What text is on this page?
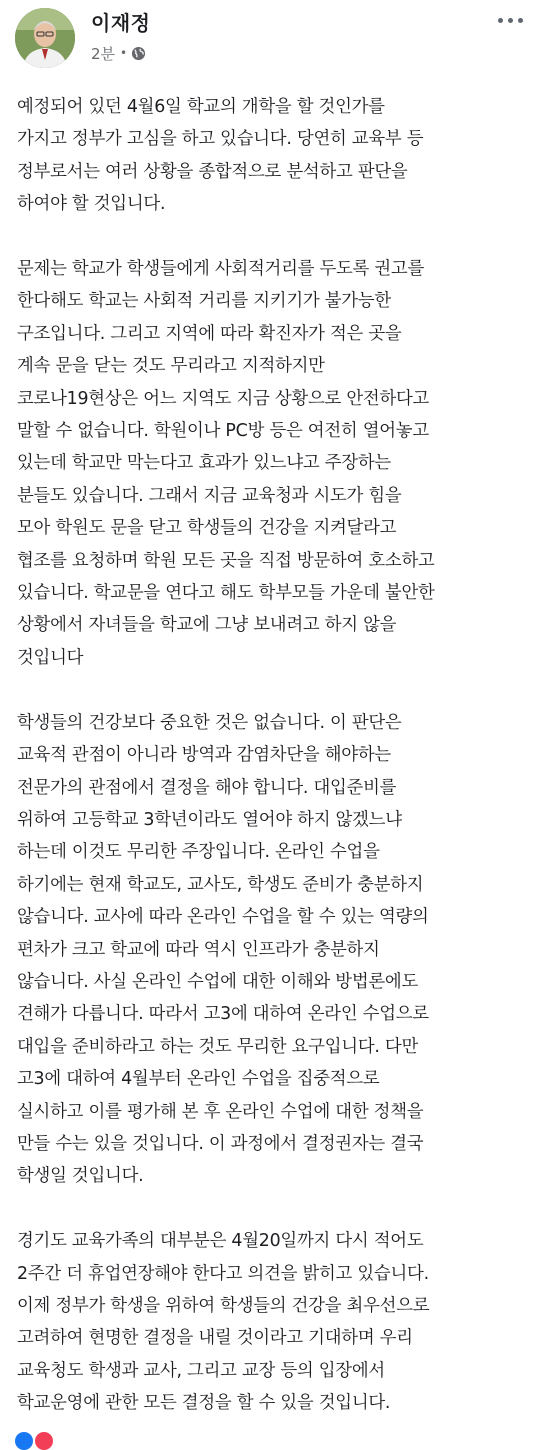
이재정
2분 •

예정되어 있던 4월6일 학교의 개학을 할 것인가를
가지고 정부가 고심을 하고 있습니다. 당연히 교육부 등
정부로서는 여러 상황을 종합적으로 분석하고 판단을
하여야 할 것입니다.

문제는 학교가 학생들에게 사회적거리를 두도록 권고를
한다해도 학교는 사회적 거리를 지키기가 불가능한
구조입니다. 그리고 지역에 따라 확진자가 적은 곳을
계속 문을 닫는 것도 무리라고 지적하지만
코로나19현상은 어느 지역도 지금 상황으로 안전하다고
말할 수 없습니다. 학원이나 PC방 등은 여전히 열어놓고
있는데 학교만 막는다고 효과가 있느냐고 주장하는
분들도 있습니다. 그래서 지금 교육청과 시도가 힘을
모아 학원도 문을 닫고 학생들의 건강을 지켜달라고
협조를 요청하며 학원 모든 곳을 직접 방문하여 호소하고
있습니다. 학교문을 연다고 해도 학부모들 가운데 불안한
상황에서 자녀들을 학교에 그냥 보내려고 하지 않을
것입니다

학생들의 건강보다 중요한 것은 없습니다. 이 판단은
교육적 관점이 아니라 방역과 감염차단을 해야하는
전문가의 관점에서 결정을 해야 합니다. 대입준비를
위하여 고등학교 3학년이라도 열어야 하지 않겠느냐
하는데 이것도 무리한 주장입니다. 온라인 수업을
하기에는 현재 학교도, 교사도, 학생도 준비가 충분하지
않습니다. 교사에 따라 온라인 수업을 할 수 있는 역량의
편차가 크고 학교에 따라 역시 인프라가 충분하지
않습니다. 사실 온라인 수업에 대한 이해와 방법론에도
견해가 다릅니다. 따라서 고3에 대하여 온라인 수업으로
대입을 준비하라고 하는 것도 무리한 요구입니다. 다만
고3에 대하여 4월부터 온라인 수업을 집중적으로
실시하고 이를 평가해 본 후 온라인 수업에 대한 정책을
만들 수는 있을 것입니다. 이 과정에서 결정권자는 결국
학생일 것입니다.

경기도 교육가족의 대부분은 4월20일까지 다시 적어도
2주간 더 휴업연장해야 한다고 의견을 밝히고 있습니다.
이제 정부가 학생을 위하여 학생들의 건강을 최우선으로
고려하여 현명한 결정을 내릴 것이라고 기대하며 우리
교육청도 학생과 교사, 그리고 교장 등의 입장에서
학교운영에 관한 모든 결정을 할 수 있을 것입니다.
